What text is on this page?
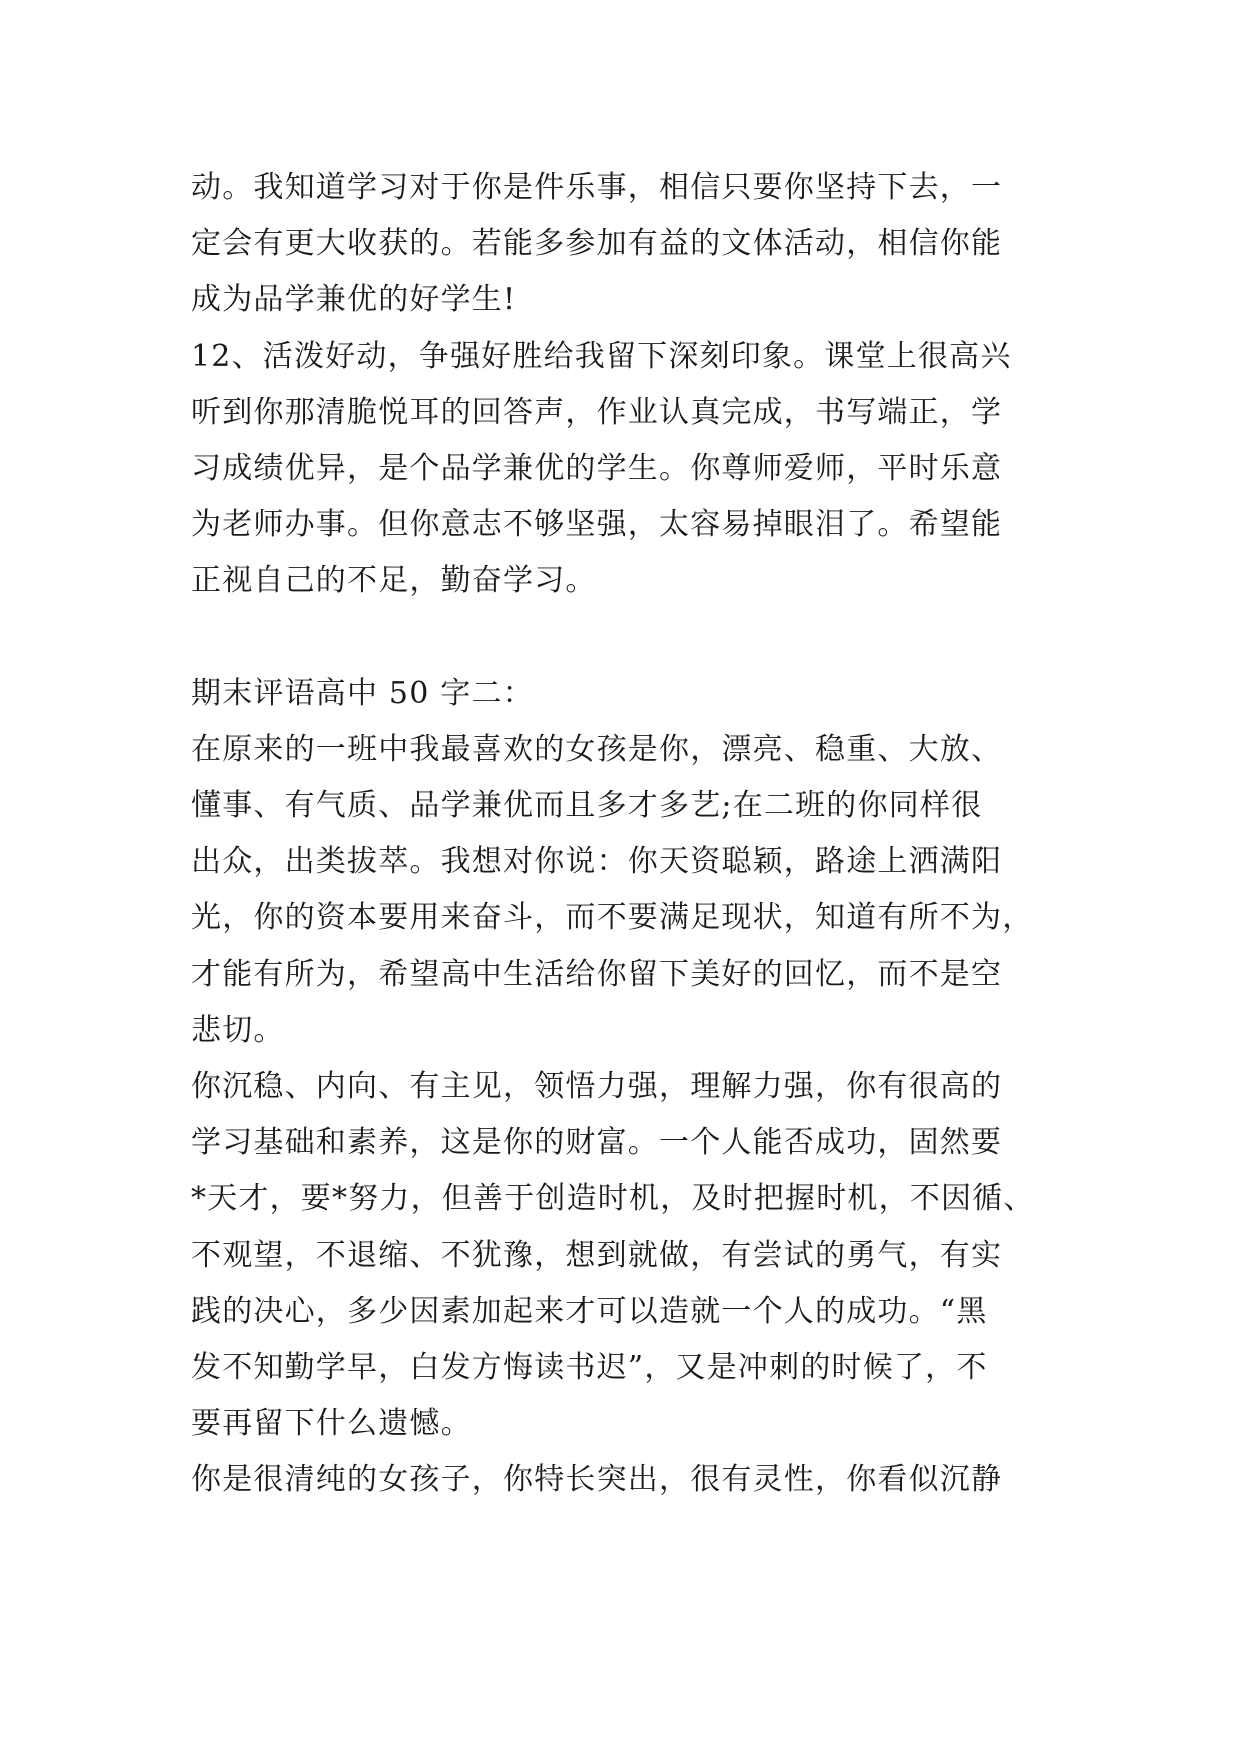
动。我知道学习对于你是件乐事，相信只要你坚持下去，一
定会有更大收获的。若能多参加有益的文体活动，相信你能
成为品学兼优的好学生!
12、活泼好动，争强好胜给我留下深刻印象。课堂上很高兴
听到你那清脆悦耳的回答声，作业认真完成，书写端正，学
习成绩优异，是个品学兼优的学生。你尊师爱师，平时乐意
为老师办事。但你意志不够坚强，太容易掉眼泪了。希望能
正视自己的不足，勤奋学习。
期末评语高中 50 字二：
在原来的一班中我最喜欢的女孩是你，漂亮、稳重、大放、
懂事、有气质、品学兼优而且多才多艺;在二班的你同样很
出众，出类拔萃。我想对你说：你天资聪颖，路途上洒满阳
光，你的资本要用来奋斗，而不要满足现状，知道有所不为，
才能有所为，希望高中生活给你留下美好的回忆，而不是空
悲切。
你沉稳、内向、有主见，领悟力强，理解力强，你有很高的
学习基础和素养，这是你的财富。一个人能否成功，固然要
*天才，要*努力，但善于创造时机，及时把握时机，不因循、
不观望，不退缩、不犹豫，想到就做，有尝试的勇气，有实
践的决心，多少因素加起来才可以造就一个人的成功。“黑
发不知勤学早，白发方悔读书迟”，又是冲刺的时候了，不
要再留下什么遗憾。
你是很清纯的女孩子，你特长突出，很有灵性，你看似沉静
